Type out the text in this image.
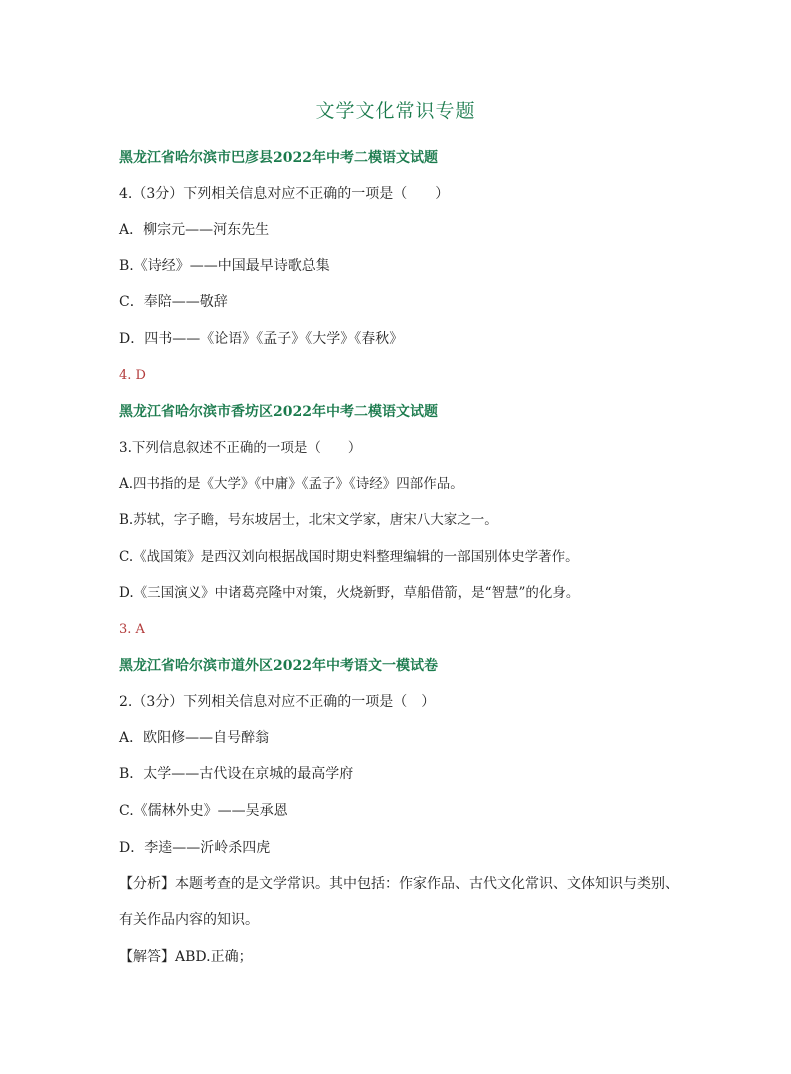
文学文化常识专题
黑龙江省哈尔滨市巴彦县2022年中考二模语文试题
4.（3分）下列相关信息对应不正确的一项是（　　）
A．柳宗元——河东先生
B.《诗经》——中国最早诗歌总集
C．奉陪——敬辞
D．四书——《论语》《孟子》《大学》《春秋》
4. D
黑龙江省哈尔滨市香坊区2022年中考二模语文试题
3.下列信息叙述不正确的一项是（　　）
A.四书指的是《大学》《中庸》《孟子》《诗经》四部作品。
B.苏轼，字子瞻，号东坡居士，北宋文学家，唐宋八大家之一。
C.《战国策》是西汉刘向根据战国时期史料整理编辑的一部国别体史学著作。
D.《三国演义》中诸葛亮隆中对策，火烧新野，草船借箭，是“智慧”的化身。
3. A
黑龙江省哈尔滨市道外区2022年中考语文一模试卷
2.（3分）下列相关信息对应不正确的一项是（　）
A．欧阳修——自号醉翁
B．太学——古代设在京城的最高学府
C.《儒林外史》——吴承恩
D．李逵——沂岭杀四虎
【分析】本题考查的是文学常识。其中包括：作家作品、古代文化常识、文体知识与类别、
有关作品内容的知识。
【解答】ABD.正确；
